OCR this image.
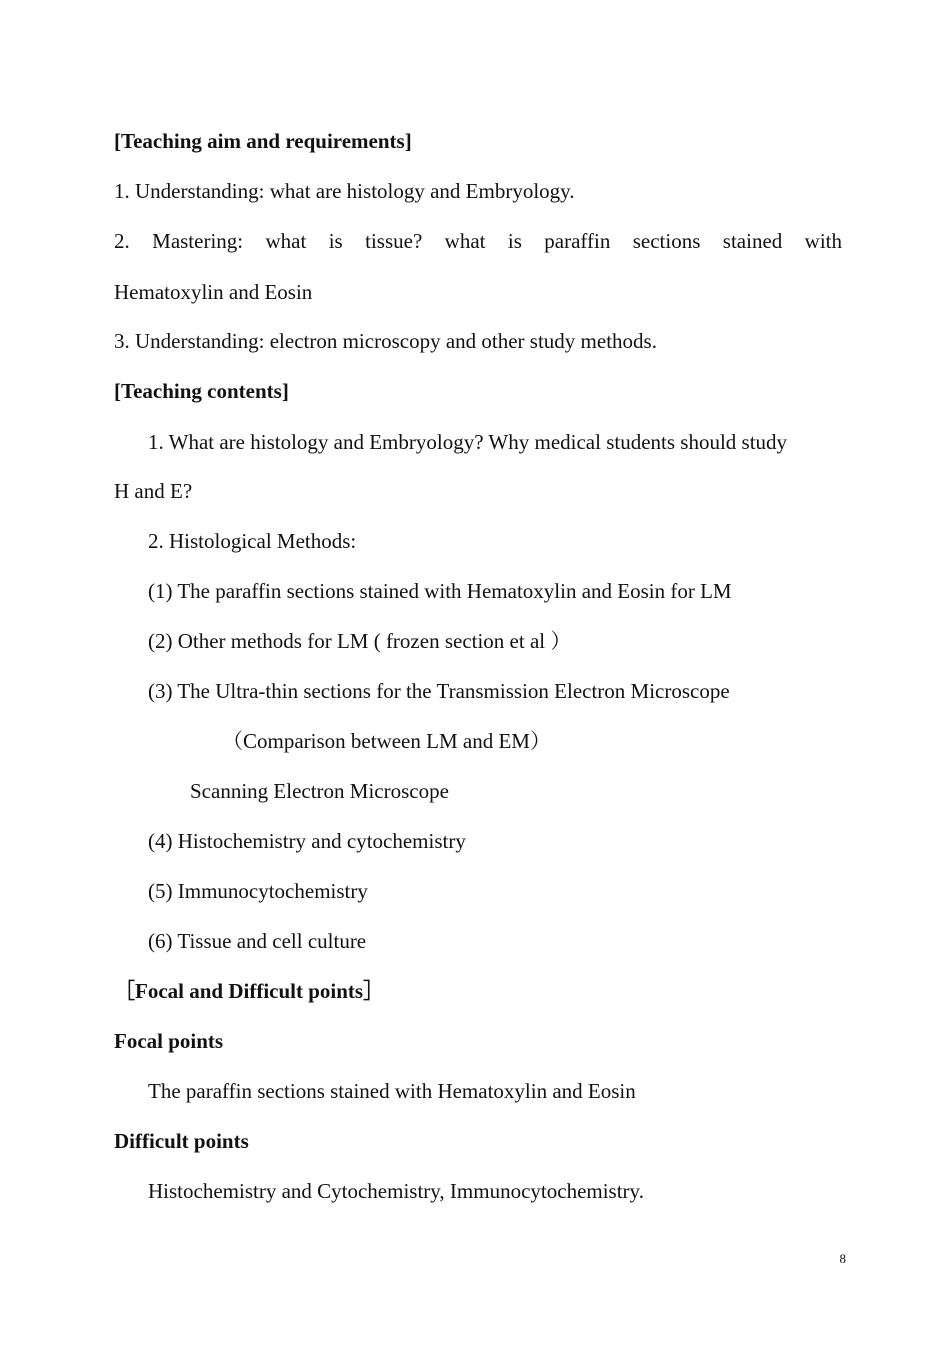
[Teaching aim and requirements]
1. Understanding: what are histology and Embryology.
2. Mastering: what is tissue? what is paraffin sections stained with
Hematoxylin and Eosin
3. Understanding: electron microscopy and other study methods.
[Teaching contents]
1. What are histology and Embryology? Why medical students should study
H and E?
2. Histological Methods:
(1) The paraffin sections stained with Hematoxylin and Eosin for LM
(2) Other methods for LM ( frozen section et al ）
(3) The Ultra-thin sections for the Transmission Electron Microscope
（Comparison between LM and EM）
Scanning Electron Microscope
(4) Histochemistry and cytochemistry
(5) Immunocytochemistry
(6) Tissue and cell culture
［Focal and Difficult points］
Focal points
The paraffin sections stained with Hematoxylin and Eosin
Difficult points
Histochemistry and Cytochemistry, Immunocytochemistry.
8
